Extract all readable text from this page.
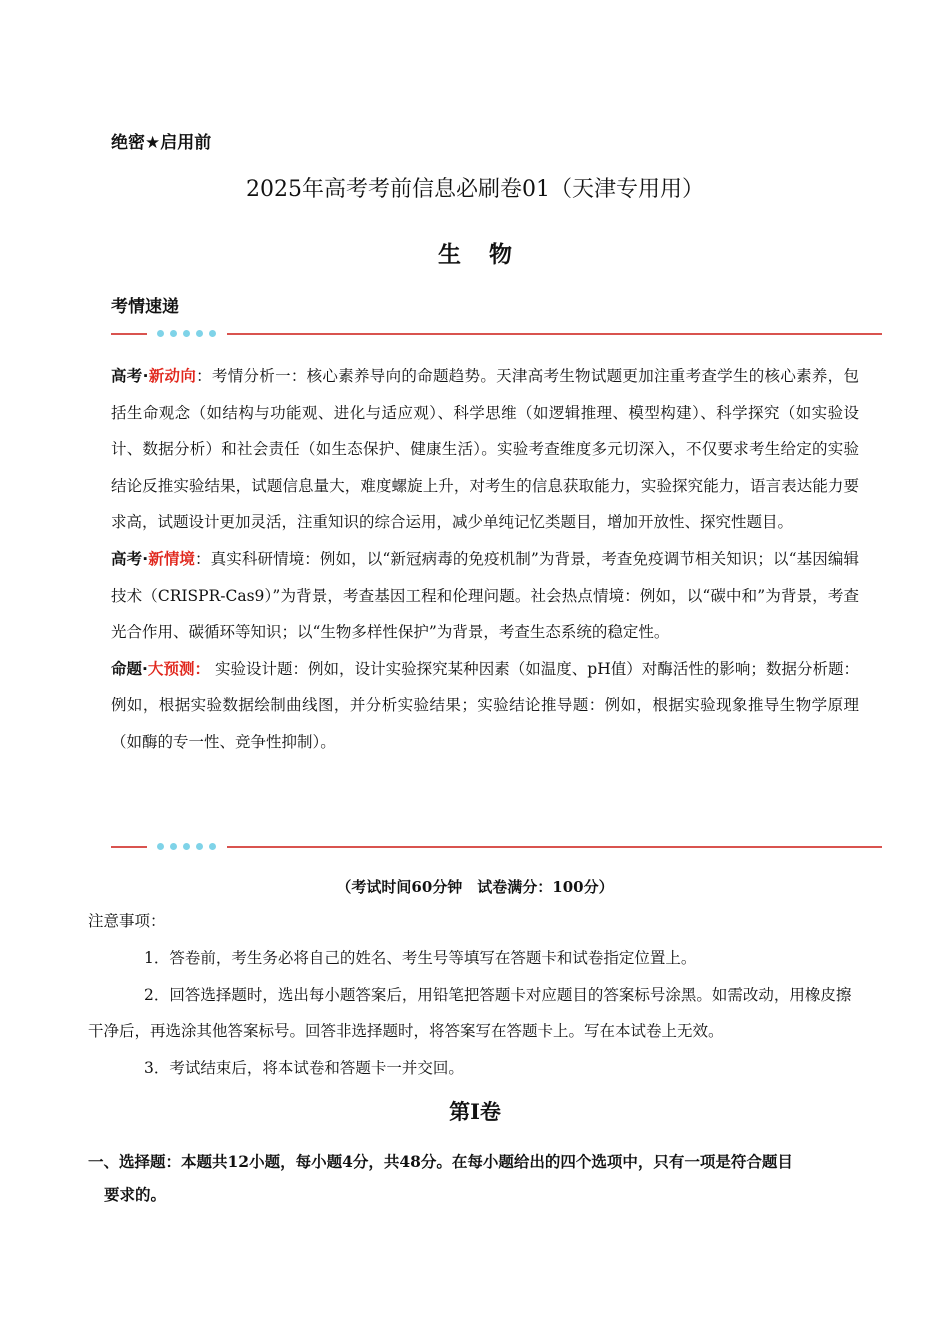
绝密★启用前
2025年高考考前信息必刷卷01（天津专用用）
生 物
考情速递

高考·新动向：考情分析一：核心素养导向的命题趋势。天津高考生物试题更加注重考查学生的核心素养，包括生命观念（如结构与功能观、进化与适应观）、科学思维（如逻辑推理、模型构建）、科学探究（如实验设计、数据分析）和社会责任（如生态保护、健康生活）。实验考查维度多元切深入，不仅要求考生给定的实验结论反推实验结果，试题信息量大，难度螺旋上升，对考生的信息获取能力，实验探究能力，语言表达能力要求高，试题设计更加灵活，注重知识的综合运用，减少单纯记忆类题目，增加开放性、探究性题目。

高考·新情境：真实科研情境：例如，以“新冠病毒的免疫机制”为背景，考查免疫调节相关知识；以“基因编辑技术（CRISPR-Cas9）”为背景，考查基因工程和伦理问题。社会热点情境：例如，以“碳中和”为背景，考查光合作用、碳循环等知识；以“生物多样性保护”为背景，考查生态系统的稳定性。

命题·大预测： 实验设计题：例如，设计实验探究某种因素（如温度、pH值）对酶活性的影响；数据分析题：例如，根据实验数据绘制曲线图，并分析实验结果；实验结论推导题：例如，根据实验现象推导生物学原理（如酶的专一性、竞争性抑制）。

（考试时间60分钟　试卷满分：100分）
注意事项：

1．答卷前，考生务必将自己的姓名、考生号等填写在答题卡和试卷指定位置上。

2．回答选择题时，选出每小题答案后，用铅笔把答题卡对应题目的答案标号涂黑。如需改动，用橡皮擦干净后，再选涂其他答案标号。回答非选择题时，将答案写在答题卡上。写在本试卷上无效。

3．考试结束后，将本试卷和答题卡一并交回。

第Ⅰ卷
一、选择题：本题共12小题，每小题4分，共48分。在每小题给出的四个选项中，只有一项是符合题目
要求的。
